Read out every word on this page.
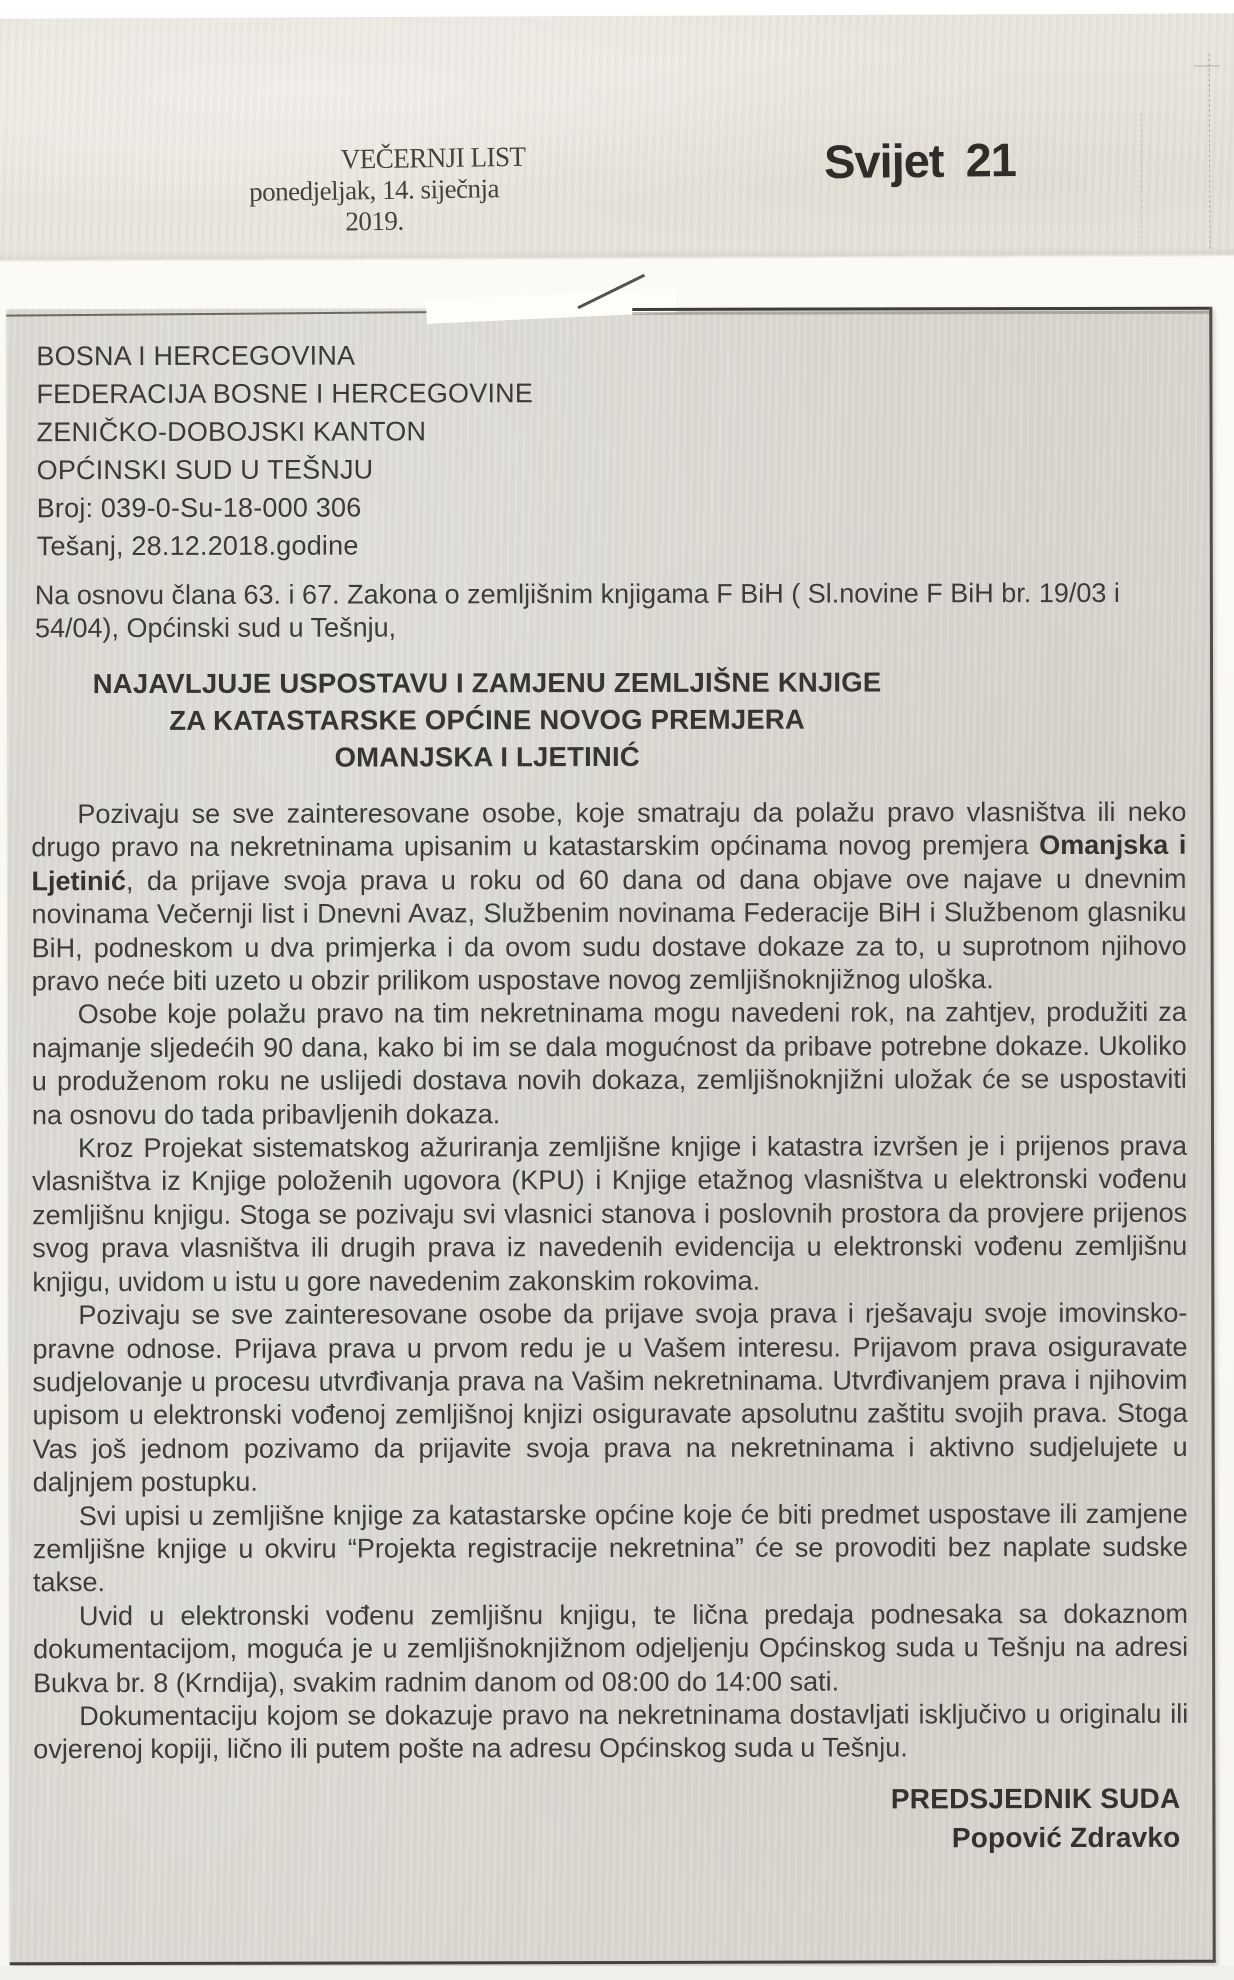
VEČERNJI LIST
ponedjeljak, 14. siječnja 2019.
Svijet 21
BOSNA I HERCEGOVINA
FEDERACIJA BOSNE I HERCEGOVINE
ZENIČKO-DOBOJSKI KANTON
OPĆINSKI SUD U TEŠNJU
Broj: 039-0-Su-18-000 306
Tešanj, 28.12.2018.godine

Na osnovu člana 63. i 67. Zakona o zemljišnim knjigama F BiH ( Sl.novine F BiH br. 19/03 i 54/04), Općinski sud u Tešnju,

NAJAVLJUJE USPOSTAVU I ZAMJENU ZEMLJIŠNE KNJIGE
ZA KATASTARSKE OPĆINE NOVOG PREMJERA
OMANJSKA I LJETINIĆ

Pozivaju se sve zainteresovane osobe, koje smatraju da polažu pravo vlasništva ili neko drugo pravo na nekretninama upisanim u katastarskim općinama novog premjera Omanjska i Ljetinić, da prijave svoja prava u roku od 60 dana od dana objave ove najave u dnevnim novinama Večernji list i Dnevni Avaz, Službenim novinama Federacije BiH i Službenom glasniku BiH, podneskom u dva primjerka i da ovom sudu dostave dokaze za to, u suprotnom njihovo pravo neće biti uzeto u obzir prilikom uspostave novog zemljišnoknjižnog uloška.

Osobe koje polažu pravo na tim nekretninama mogu navedeni rok, na zahtjev, produžiti za najmanje sljedećih 90 dana, kako bi im se dala mogućnost da pribave potrebne dokaze. Ukoliko u produženom roku ne uslijedi dostava novih dokaza, zemljišnoknjižni uložak će se uspostaviti na osnovu do tada pribavljenih dokaza.

Kroz Projekat sistematskog ažuriranja zemljišne knjige i katastra izvršen je i prijenos prava vlasništva iz Knjige položenih ugovora (KPU) i Knjige etažnog vlasništva u elektronski vođenu zemljišnu knjigu. Stoga se pozivaju svi vlasnici stanova i poslovnih prostora da provjere prijenos svog prava vlasništva ili drugih prava iz navedenih evidencija u elektronski vođenu zemljišnu knjigu, uvidom u istu u gore navedenim zakonskim rokovima.

Pozivaju se sve zainteresovane osobe da prijave svoja prava i rješavaju svoje imovinsko-pravne odnose. Prijava prava u prvom redu je u Vašem interesu. Prijavom prava osiguravate sudjelovanje u procesu utvrđivanja prava na Vašim nekretninama. Utvrđivanjem prava i njihovim upisom u elektronski vođenoj zemljišnoj knjizi osiguravate apsolutnu zaštitu svojih prava. Stoga Vas još jednom pozivamo da prijavite svoja prava na nekretninama i aktivno sudjelujete u daljnjem postupku.

Svi upisi u zemljišne knjige za katastarske općine koje će biti predmet uspostave ili zamjene zemljišne knjige u okviru “Projekta registracije nekretnina” će se provoditi bez naplate sudske takse.

Uvid u elektronski vođenu zemljišnu knjigu, te lična predaja podnesaka sa dokaznom dokumentacijom, moguća je u zemljišnoknjižnom odjeljenju Općinskog suda u Tešnju na adresi Bukva br. 8 (Krndija), svakim radnim danom od 08:00 do 14:00 sati.

Dokumentaciju kojom se dokazuje pravo na nekretninama dostavljati isključivo u originalu ili ovjerenoj kopiji, lično ili putem pošte na adresu Općinskog suda u Tešnju.

PREDSJEDNIK SUDA
Popović Zdravko
